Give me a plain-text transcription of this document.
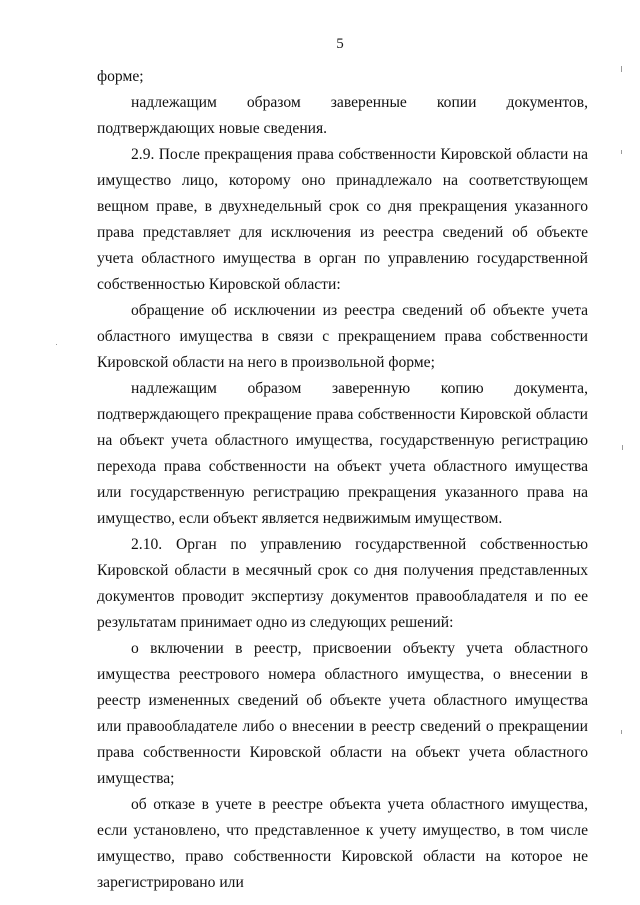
5

форме;

надлежащим образом заверенные копии документов, подтверждающих новые сведения.

2.9. После прекращения права собственности Кировской области на имущество лицо, которому оно принадлежало на соответствующем вещном праве, в двухнедельный срок со дня прекращения указанного права представляет для исключения из реестра сведений об объекте учета областного имущества в орган по управлению государственной собственностью Кировской области:

обращение об исключении из реестра сведений об объекте учета областного имущества в связи с прекращением права собственности Кировской области на него в произвольной форме;

надлежащим образом заверенную копию документа, подтверждающего прекращение права собственности Кировской области на объект учета областного имущества, государственную регистрацию перехода права собственности на объект учета областного имущества или государственную регистрацию прекращения указанного права на имущество, если объект является недвижимым имуществом.

2.10. Орган по управлению государственной собственностью Кировской области в месячный срок со дня получения представленных документов проводит экспертизу документов правообладателя и по ее результатам принимает одно из следующих решений:

о включении в реестр, присвоении объекту учета областного имущества реестрового номера областного имущества, о внесении в реестр измененных сведений об объекте учета областного имущества или правообладателе либо о внесении в реестр сведений о прекращении права собственности Кировской области на объект учета областного имущества;

об отказе в учете в реестре объекта учета областного имущества, если установлено, что представленное к учету имущество, в том числе имущество, право собственности Кировской области на которое не зарегистрировано или
